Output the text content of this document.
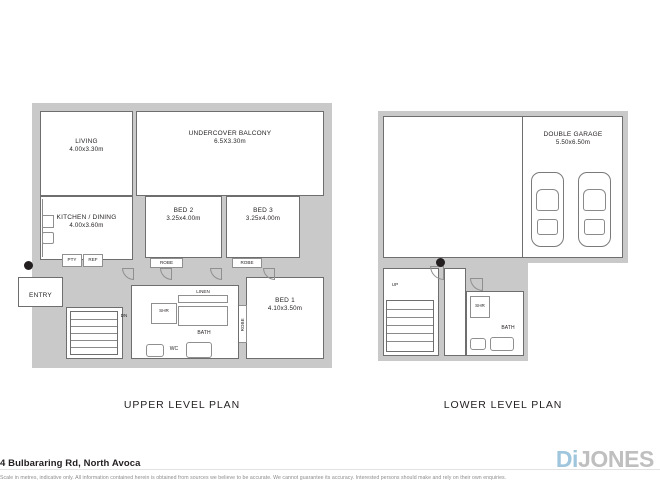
LIVING
4.00x3.30m
KITCHEN / DINING
4.00x3.60m
PTY	REF
UNDERCOVER BALCONY
6.5X3.30m
BED 2
3.25x4.00m
ROBE
BED 3
3.25x4.00m
ROBE
BED 1
4.10x3.50m
ROBE
ENTRY
DN
LINEN
SHR
BATH
WC
UPPER LEVEL PLAN
DOUBLE GARAGE
5.50x6.50m
UP
SHR
BATH
LOWER LEVEL PLAN
4 Bulbararing Rd, North Avoca
Scale in metres, indicative only. All information contained herein is obtained from sources we believe to be accurate. We cannot guarantee its accuracy. Interested persons should make and rely on their own enquiries.
DiJONES
